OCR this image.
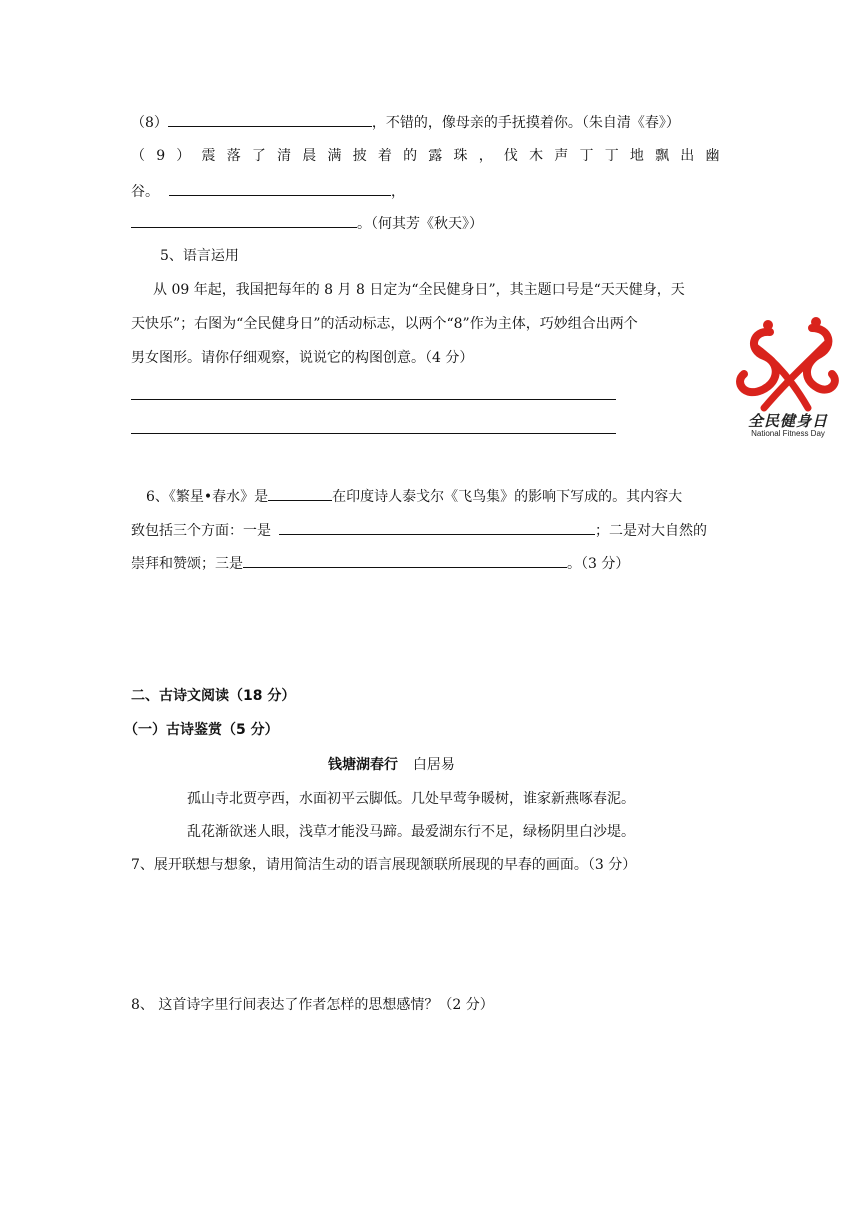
（8）	，不错的，像母亲的手抚摸着你。（朱自清《春》）
（9）震落了清晨满披着的露珠，伐木声丁丁地飘出幽
谷。	，
。（何其芳《秋天》）
5、语言运用
从 09 年起，我国把每年的 8 月 8 日定为“全民健身日”，其主题口号是“天天健身，天
天快乐”；右图为“全民健身日”的活动标志，以两个“8”作为主体，巧妙组合出两个
男女图形。请你仔细观察，说说它的构图创意。（4 分）
全民健身日
National Fitness Day
6、《繁星•春水》是	在印度诗人泰戈尔《飞鸟集》的影响下写成的。其内容大
致包括三个方面：一是	；二是对大自然的
崇拜和赞颂；三是	。（3 分）
二、古诗文阅读（18 分）
（一）古诗鉴赏（5 分）
钱塘湖春行 白居易
孤山寺北贾亭西，水面初平云脚低。几处早莺争暖树，谁家新燕啄春泥。
乱花渐欲迷人眼，浅草才能没马蹄。最爱湖东行不足，绿杨阴里白沙堤。
7、展开联想与想象，请用简洁生动的语言展现颔联所展现的早春的画面。（3 分）
8、 这首诗字里行间表达了作者怎样的思想感情？（2 分）
